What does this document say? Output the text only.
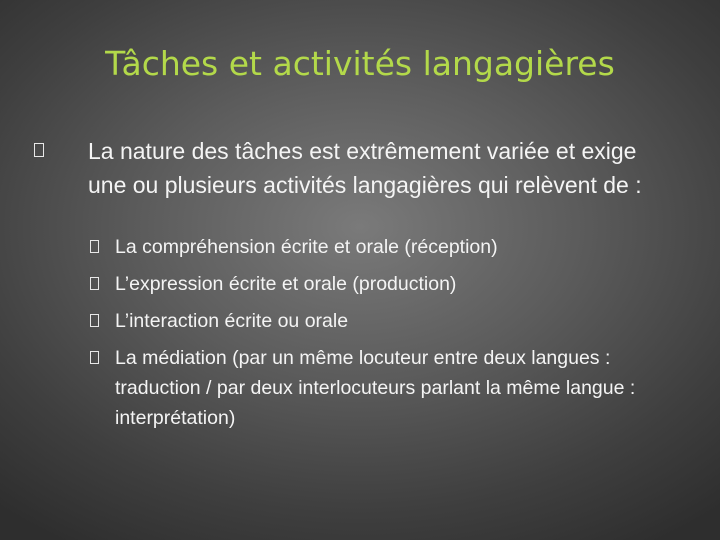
Tâches et activités langagières
La nature des tâches est extrêmement variée et exige une ou plusieurs activités langagières qui relèvent de :
La compréhension écrite et orale (réception)
L’expression écrite et orale (production)
L’interaction écrite ou orale
La médiation (par un même locuteur entre deux langues : traduction / par deux interlocuteurs parlant la même langue : interprétation)
